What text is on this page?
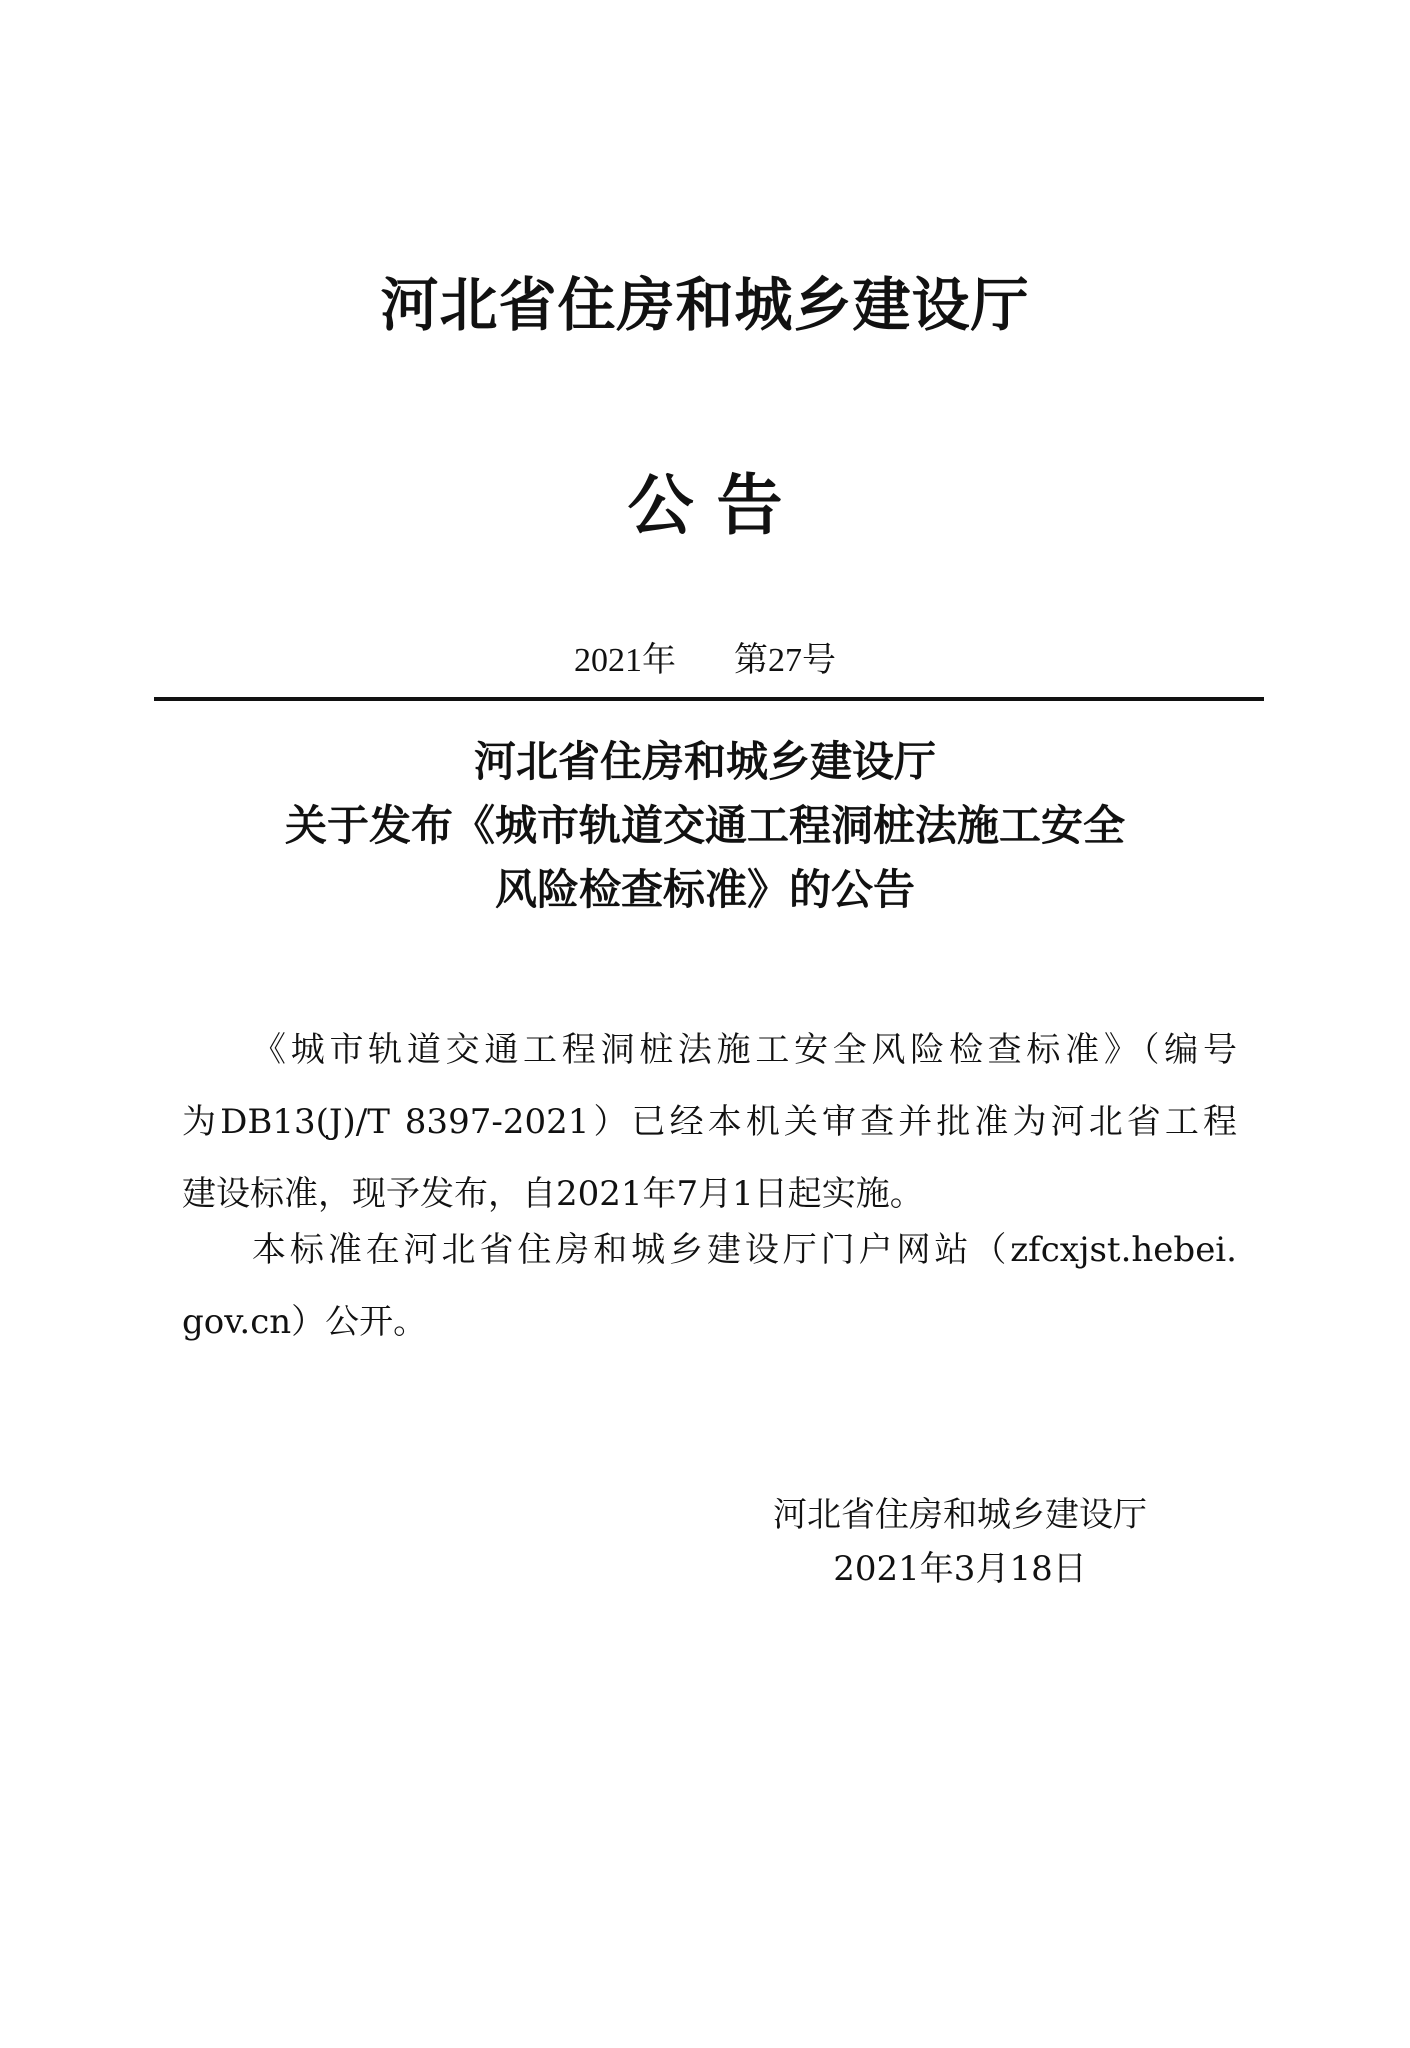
河北省住房和城乡建设厅
公 告
2021年 第27号
河北省住房和城乡建设厅
关于发布《城市轨道交通工程洞桩法施工安全
风险检查标准》的公告
《城市轨道交通工程洞桩法施工安全风险检查标准》（编号
为DB13(J)/T 8397-2021）已经本机关审查并批准为河北省工程
建设标准，现予发布，自2021年7月1日起实施。
本标准在河北省住房和城乡建设厅门户网站（zfcxjst.hebei.
gov.cn）公开。
河北省住房和城乡建设厅
2021年3月18日
